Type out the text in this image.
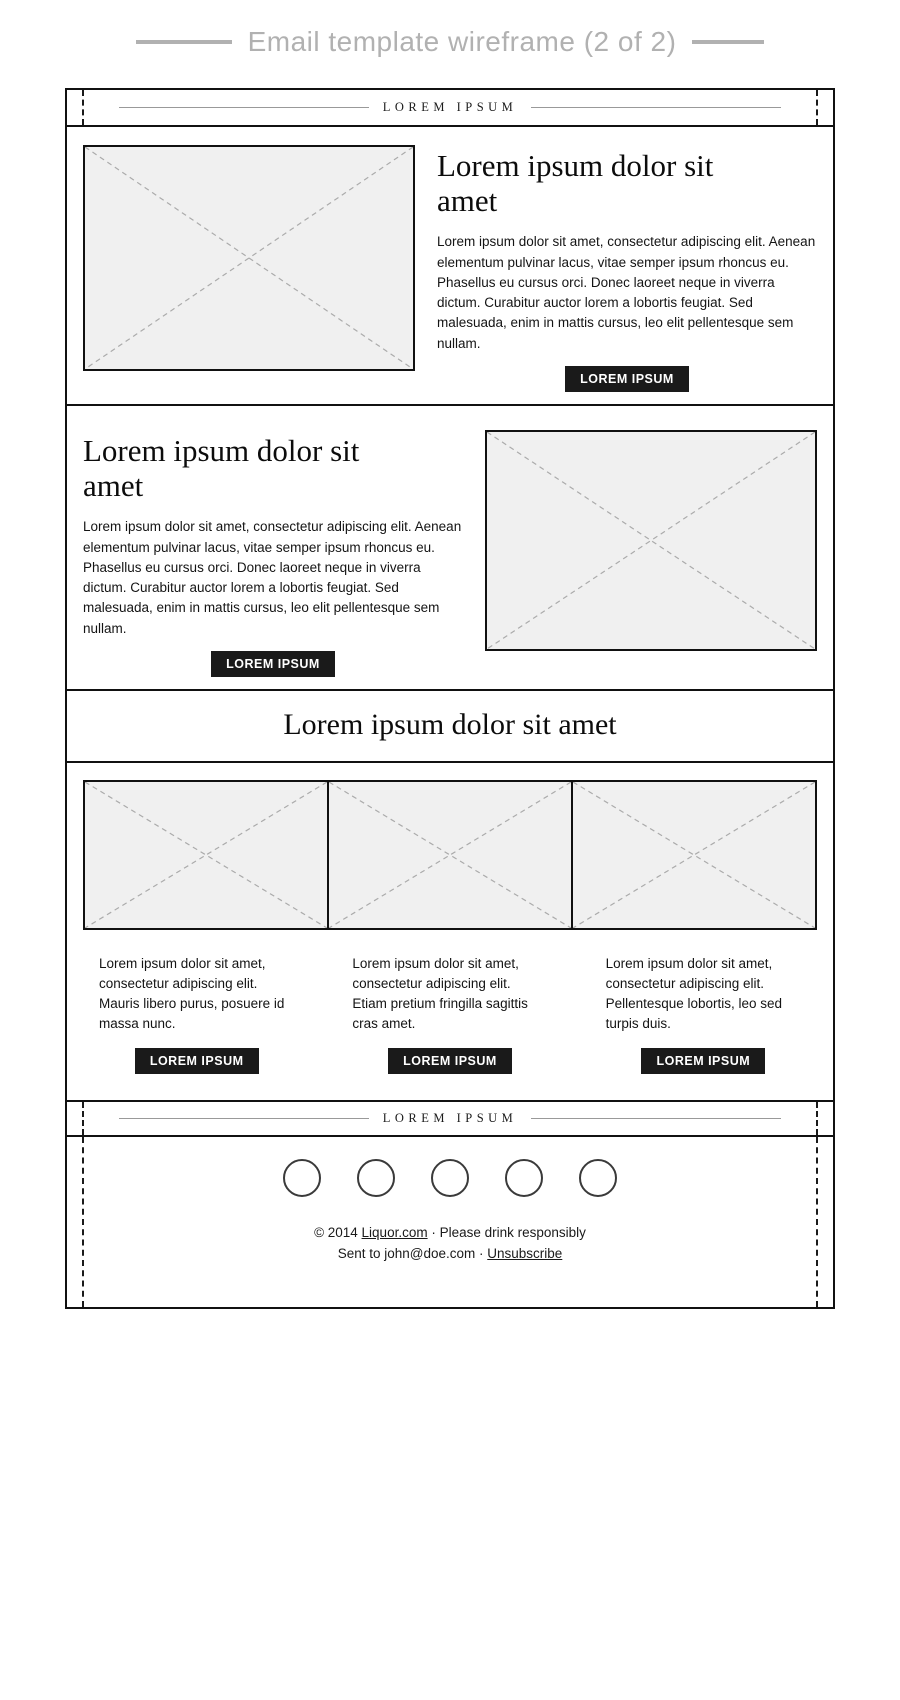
Email template wireframe (2 of 2)
LOREM IPSUM
Lorem ipsum dolor sit amet

Lorem ipsum dolor sit amet, consectetur adipiscing elit. Aenean elementum pulvinar lacus, vitae semper ipsum rhoncus eu. Phasellus eu cursus orci. Donec laoreet neque in viverra dictum. Curabitur auctor lorem a lobortis feugiat. Sed malesuada, enim in mattis cursus, leo elit pellentesque sem nullam.

LOREM IPSUM
Lorem ipsum dolor sit amet

Lorem ipsum dolor sit amet, consectetur adipiscing elit. Aenean elementum pulvinar lacus, vitae semper ipsum rhoncus eu. Phasellus eu cursus orci. Donec laoreet neque in viverra dictum. Curabitur auctor lorem a lobortis feugiat. Sed malesuada, enim in mattis cursus, leo elit pellentesque sem nullam.

LOREM IPSUM
Lorem ipsum dolor sit amet

Lorem ipsum dolor sit amet, consectetur adipiscing elit. Mauris libero purus, posuere id massa nunc.

LOREM IPSUM

Lorem ipsum dolor sit amet, consectetur adipiscing elit. Etiam pretium fringilla sagittis cras amet.

LOREM IPSUM

Lorem ipsum dolor sit amet, consectetur adipiscing elit. Pellentesque lobortis, leo sed turpis duis.

LOREM IPSUM
LOREM IPSUM
© 2014 Liquor.com · Please drink responsibly
Sent to john@doe.com · Unsubscribe
